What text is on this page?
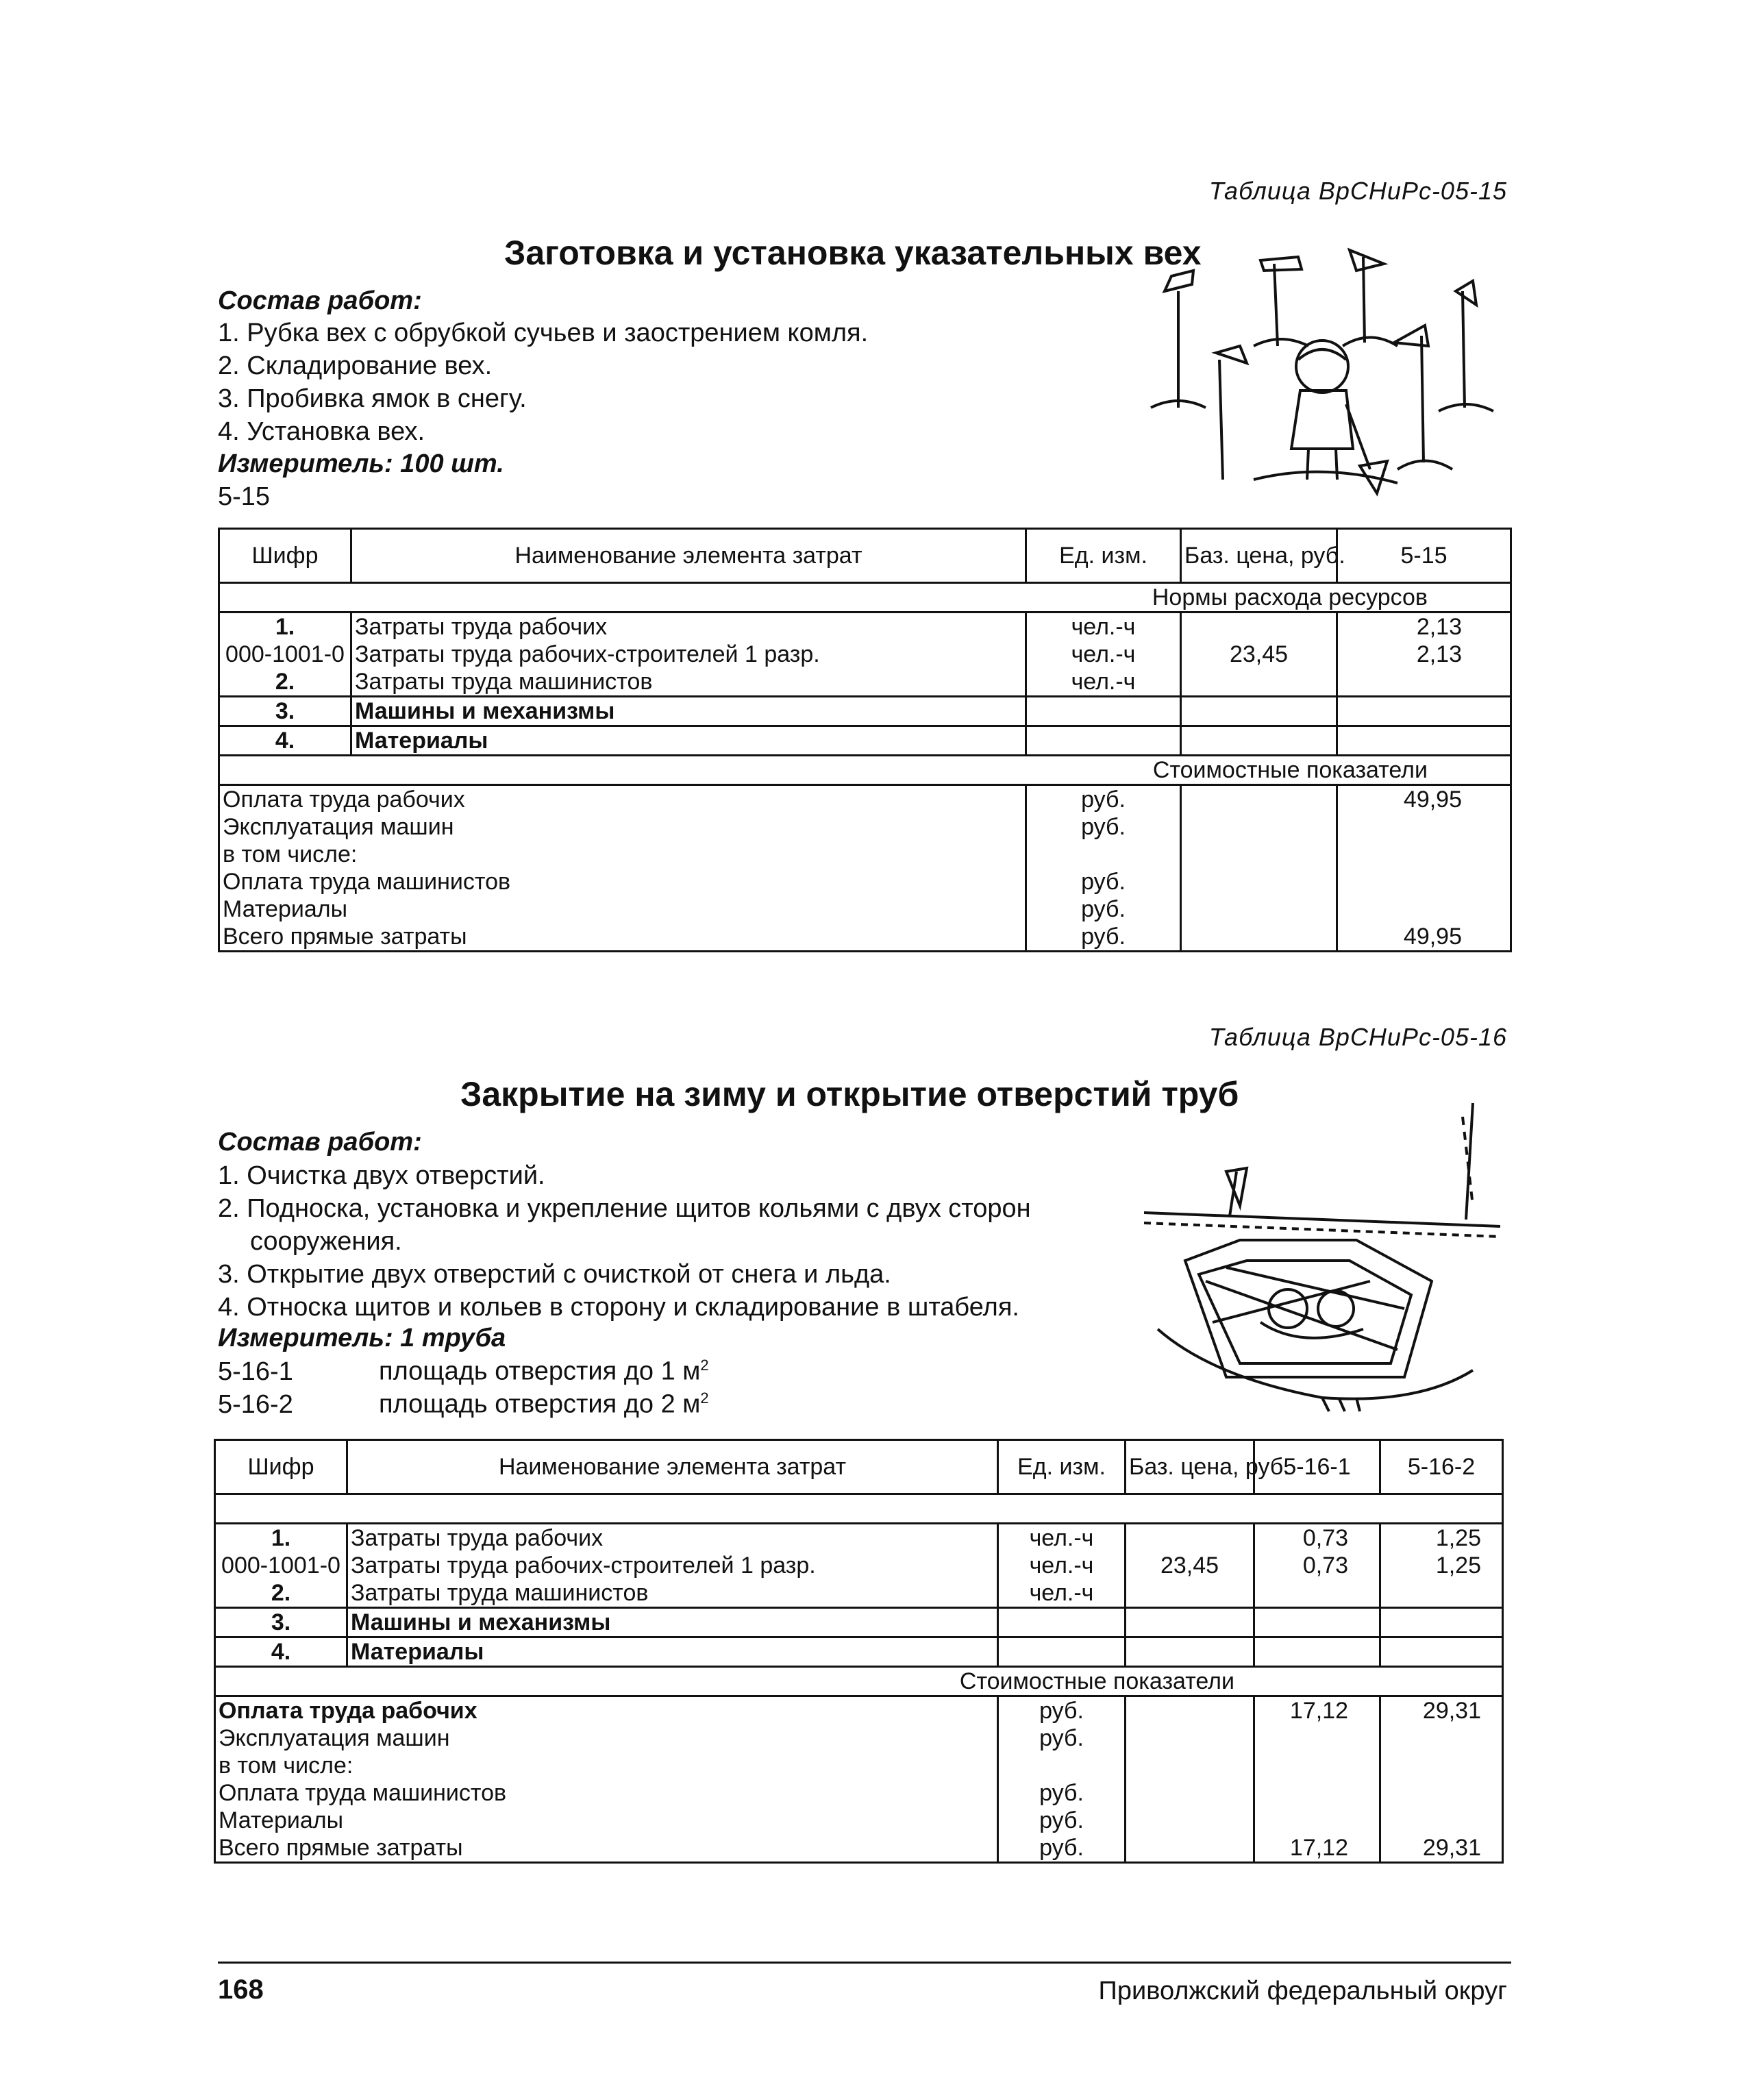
Таблица ВрСНиРс-05-15
Заготовка и установка указательных вех
Состав работ:
1. Рубка вех с обрубкой сучьев и заострением комля.
2. Складирование вех.
3. Пробивка ямок в снегу.
4. Установка вех.
Измеритель: 100 шт.
5-15
Шифр	Наименование элемента затрат	Ед. изм.	Баз. цена, руб.	5-15
Нормы расхода ресурсов				
1.	Затраты труда рабочих	чел.-ч		2,13
000-1001-0	Затраты труда рабочих-строителей 1 разр.	чел.-ч	23,45	2,13
2.	Затраты труда машинистов	чел.-ч		
3.	Машины и механизмы			
4.	Материалы			
Стоимостные показатели				
Оплата труда рабочих		руб.		49,95
Эксплуатация машин		руб.		
в том числе:				
Оплата труда машинистов		руб.		
Материалы		руб.		
Всего прямые затраты		руб.		49,95
Таблица ВрСНиРс-05-16
Закрытие на зиму и открытие отверстий труб
Состав работ:
1. Очистка двух отверстий.
2. Подноска, установка и укрепление щитов кольями с двух сторон
сооружения.
3. Открытие двух отверстий с очисткой от снега и льда.
4. Относка щитов и кольев в сторону и складирование в штабеля.
Измеритель: 1 труба
5-16-1	площадь отверстия до 1 $м^2$
5-16-2	площадь отверстия до 2 $м^2$
Шифр	Наименование элемента затрат	Ед. изм.	Баз. цена, руб.	5-16-1	5-16-2

1.	Затраты труда рабочих	чел.-ч		0,73	1,25
000-1001-0	Затраты труда рабочих-строителей 1 разр.	чел.-ч	23,45	0,73	1,25
2.	Затраты труда машинистов	чел.-ч			
3.	Машины и механизмы				
4.	Материалы				
Стоимостные показатели					
Оплата труда рабочих		руб.		17,12	29,31
Эксплуатация машин		руб.			
в том числе:					
Оплата труда машинистов		руб.			
Материалы		руб.			
Всего прямые затраты		руб.		17,12	29,31
168	Приволжский федеральный округ
